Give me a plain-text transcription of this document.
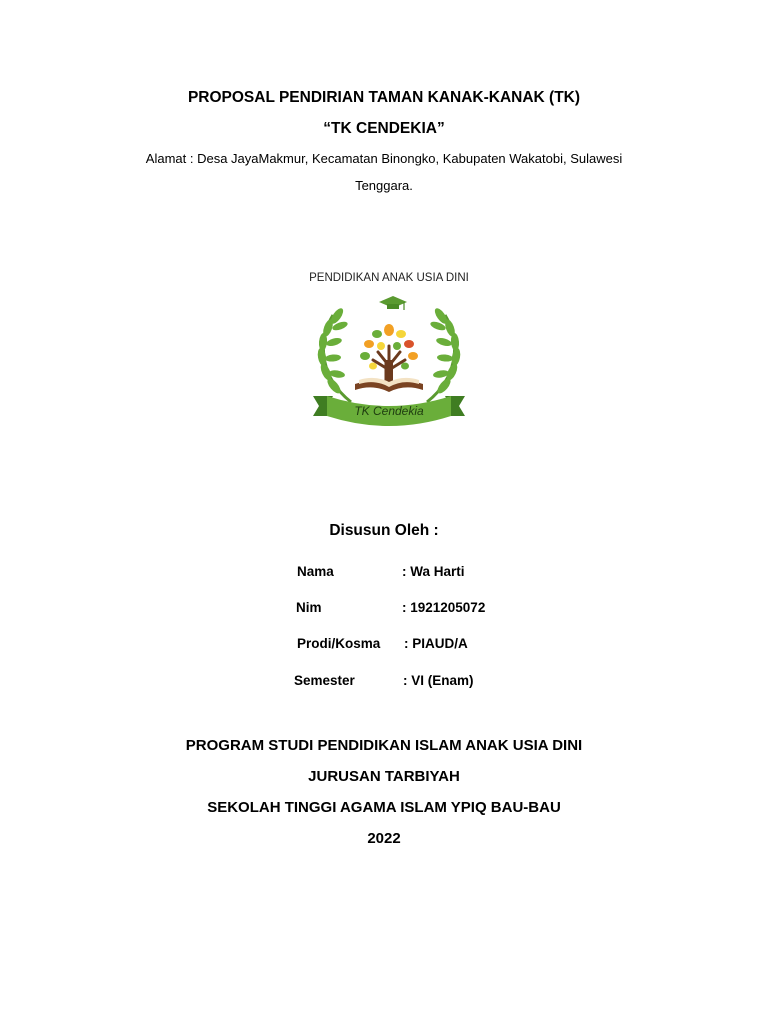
PROPOSAL PENDIRIAN TAMAN KANAK-KANAK (TK)
“TK CENDEKIA”
Alamat : Desa JayaMakmur, Kecamatan Binongko, Kabupaten Wakatobi, Sulawesi
Tenggara.
PENDIDIKAN ANAK USIA DINI
TK Cendekia
Disusun Oleh :
Nama	: Wa Harti
Nim	: 1921205072
Prodi/Kosma : PIAUD/A
Semester	: VI (Enam)
PROGRAM STUDI PENDIDIKAN ISLAM ANAK USIA DINI
JURUSAN TARBIYAH
SEKOLAH TINGGI AGAMA ISLAM YPIQ BAU-BAU
2022
